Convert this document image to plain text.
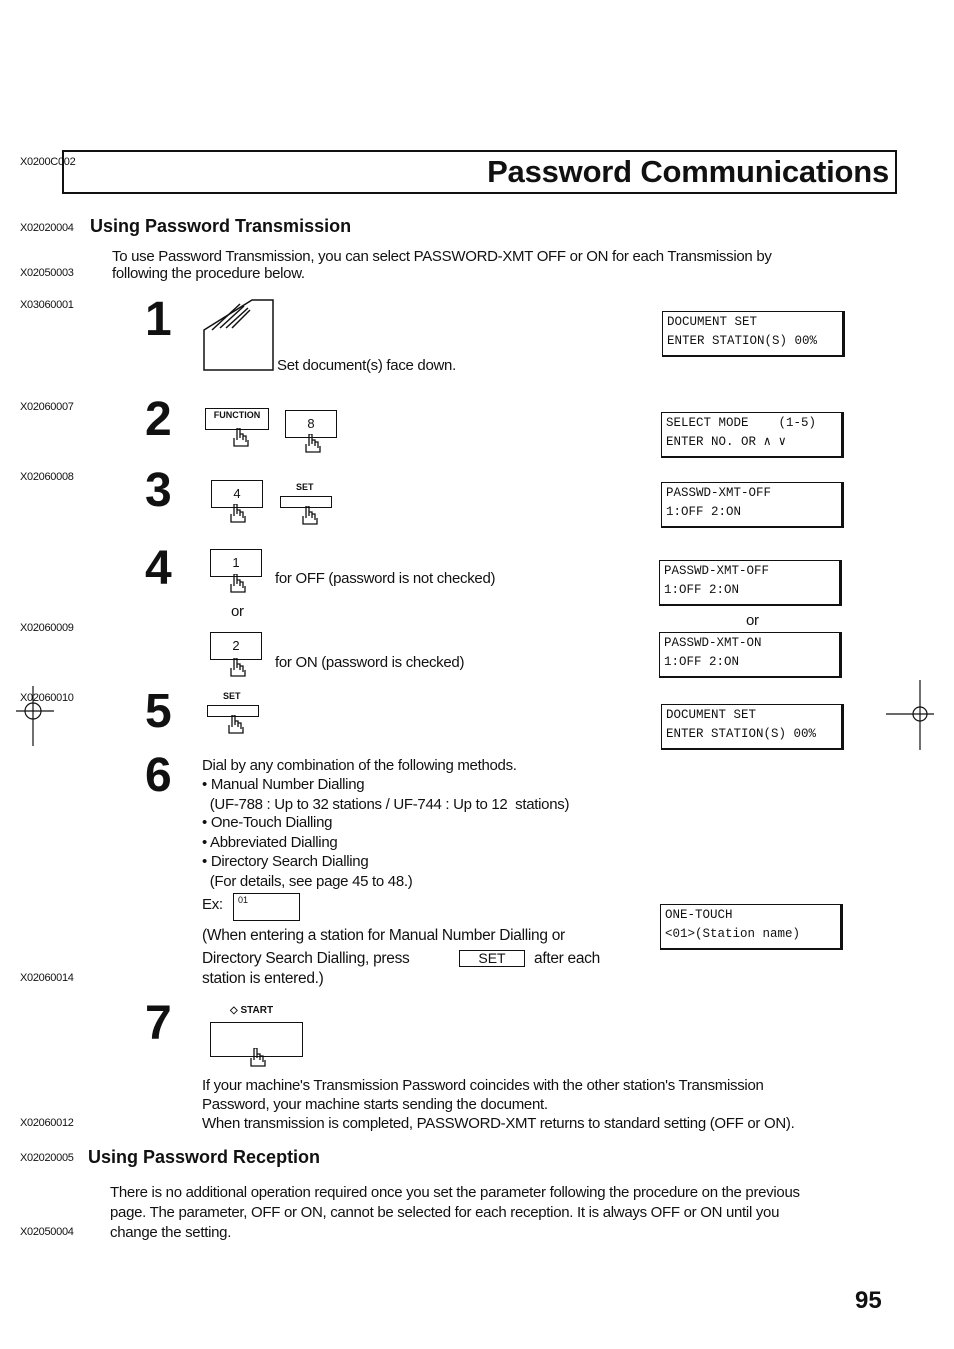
X0200C002	Password Communications
X02020004 Using Password Transmission
To use Password Transmission, you can select PASSWORD-XMT OFF or ON for each Transmission by
X02050003	following the procedure below.
X03060001 1
Set document(s) face down.
DOCUMENT SET
ENTER STATION(S) 00%
X02060007 2	FUNCTION
8	SELECT MODE    (1-5)
ENTER NO. OR ∧ ∨
X02060008 3	4	SET	PASSWD-XMT-OFF
1:OFF 2:ON
4	1
for OFF (password is not checked)
or
X02060009
2
for ON (password is checked)
PASSWD-XMT-OFF
1:OFF 2:ON
or
PASSWD-XMT-ON
1:OFF 2:ON
X02060010 5	SET
DOCUMENT SET
ENTER STATION(S) 00%
6 Dial by any combination of the following methods.
• Manual Number Dialling
(UF-788 : Up to 32 stations / UF-744 : Up to 12  stations)
• One-Touch Dialling
• Abbreviated Dialling
• Directory Search Dialling
(For details, see page 45 to 48.)
Ex:	01
(When entering a station for Manual Number Dialling or
Directory Search Dialling, press	SET	after each
X02060014	station is entered.)
ONE-TOUCH
<01>(Station name)
7	◇ START
If your machine's Transmission Password coincides with the other station's Transmission
Password, your machine starts sending the document.
X02060012	When transmission is completed, PASSWORD-XMT returns to standard setting (OFF or ON).
X02020005 Using Password Reception
There is no additional operation required once you set the parameter following the procedure on the previous
page. The parameter, OFF or ON, cannot be selected for each reception. It is always OFF or ON until you
X02050004 change the setting.
95
